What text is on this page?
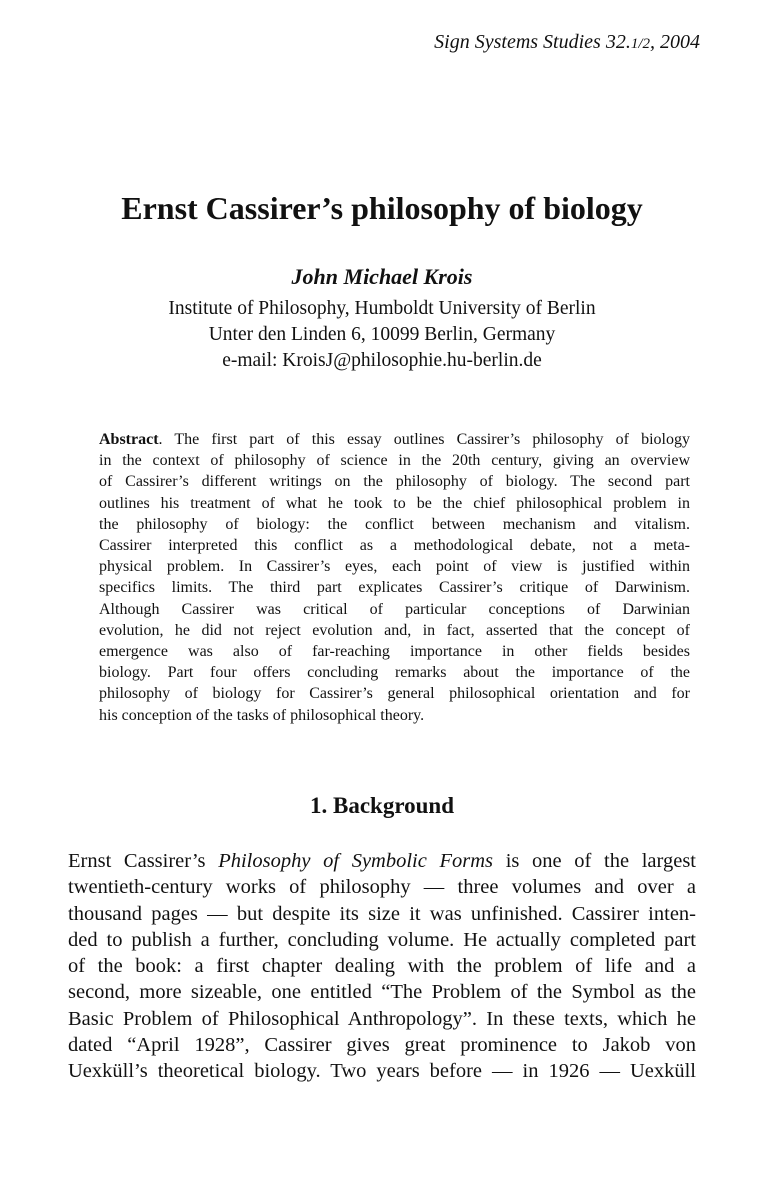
Sign Systems Studies 32.1/2, 2004
Ernst Cassirer’s philosophy of biology
John Michael Krois
Institute of Philosophy, Humboldt University of Berlin
Unter den Linden 6, 10099 Berlin, Germany
e-mail: KroisJ@philosophie.hu-berlin.de
Abstract. The first part of this essay outlines Cassirer’s philosophy of biology
in the context of philosophy of science in the 20th century, giving an overview
of Cassirer’s different writings on the philosophy of biology. The second part
outlines his treatment of what he took to be the chief philosophical problem in
the philosophy of biology: the conflict between mechanism and vitalism.
Cassirer interpreted this conflict as a methodological debate, not a meta-
physical problem. In Cassirer’s eyes, each point of view is justified within
specifics limits. The third part explicates Cassirer’s critique of Darwinism.
Although Cassirer was critical of particular conceptions of Darwinian
evolution, he did not reject evolution and, in fact, asserted that the concept of
emergence was also of far-reaching importance in other fields besides
biology. Part four offers concluding remarks about the importance of the
philosophy of biology for Cassirer’s general philosophical orientation and for
his conception of the tasks of philosophical theory.
1. Background
Ernst Cassirer’s Philosophy of Symbolic Forms is one of the largest
twentieth-century works of philosophy — three volumes and over a
thousand pages — but despite its size it was unfinished. Cassirer inten-
ded to publish a further, concluding volume. He actually completed part
of the book: a first chapter dealing with the problem of life and a
second, more sizeable, one entitled “The Problem of the Symbol as the
Basic Problem of Philosophical Anthropology”. In these texts, which he
dated “April 1928”, Cassirer gives great prominence to Jakob von
Uexküll’s theoretical biology. Two years before — in 1926 — Uexküll
